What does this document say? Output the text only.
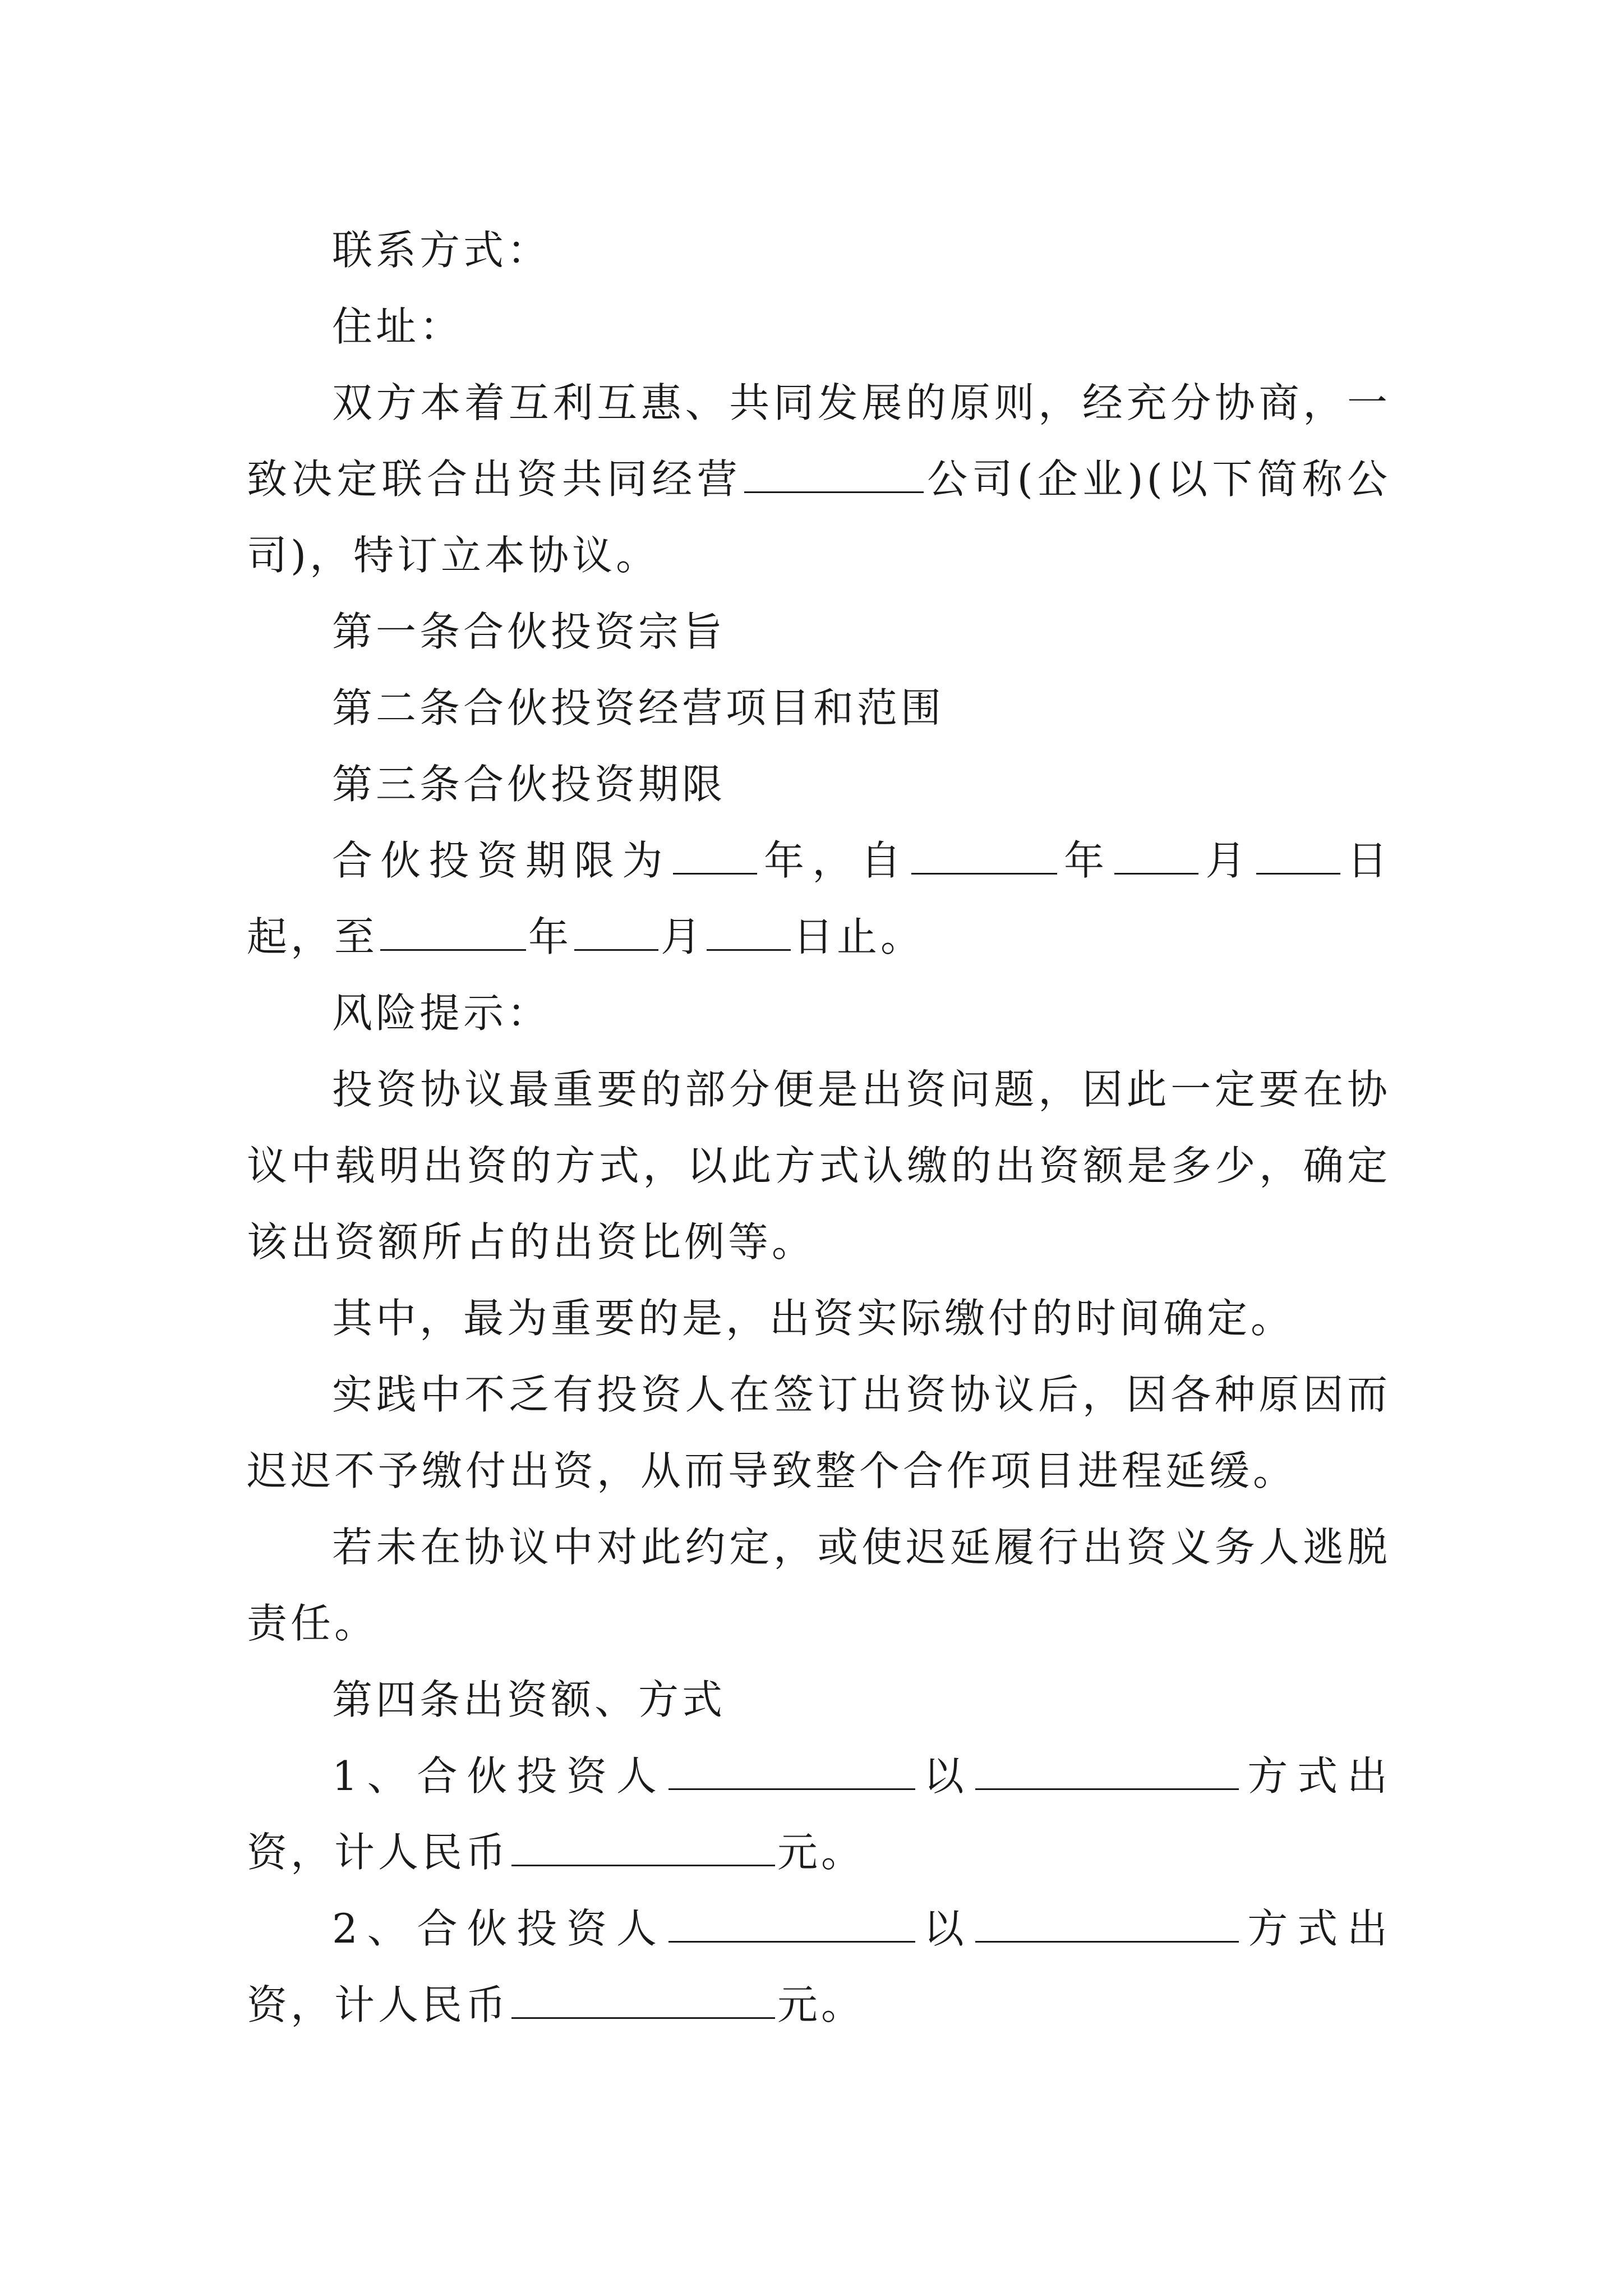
联系方式：

住址：

双方本着互利互惠、共同发展的原则，经充分协商，一致决定联合出资共同经营	公司(企业)(以下简称公司)，特订立本协议。

第一条合伙投资宗旨

第二条合伙投资经营项目和范围

第三条合伙投资期限

合伙投资期限为 年，自	年 月 日起，至	年 月 日止。

风险提示：

投资协议最重要的部分便是出资问题，因此一定要在协议中载明出资的方式，以此方式认缴的出资额是多少，确定该出资额所占的出资比例等。

其中，最为重要的是，出资实际缴付的时间确定。

实践中不乏有投资人在签订出资协议后，因各种原因而迟迟不予缴付出资，从而导致整个合作项目进程延缓。

若未在协议中对此约定，或使迟延履行出资义务人逃脱责任。

第四条出资额、方式

1、合伙投资人	以	方式出资，计人民币	元。

2、合伙投资人	以	方式出资，计人民币	元。
